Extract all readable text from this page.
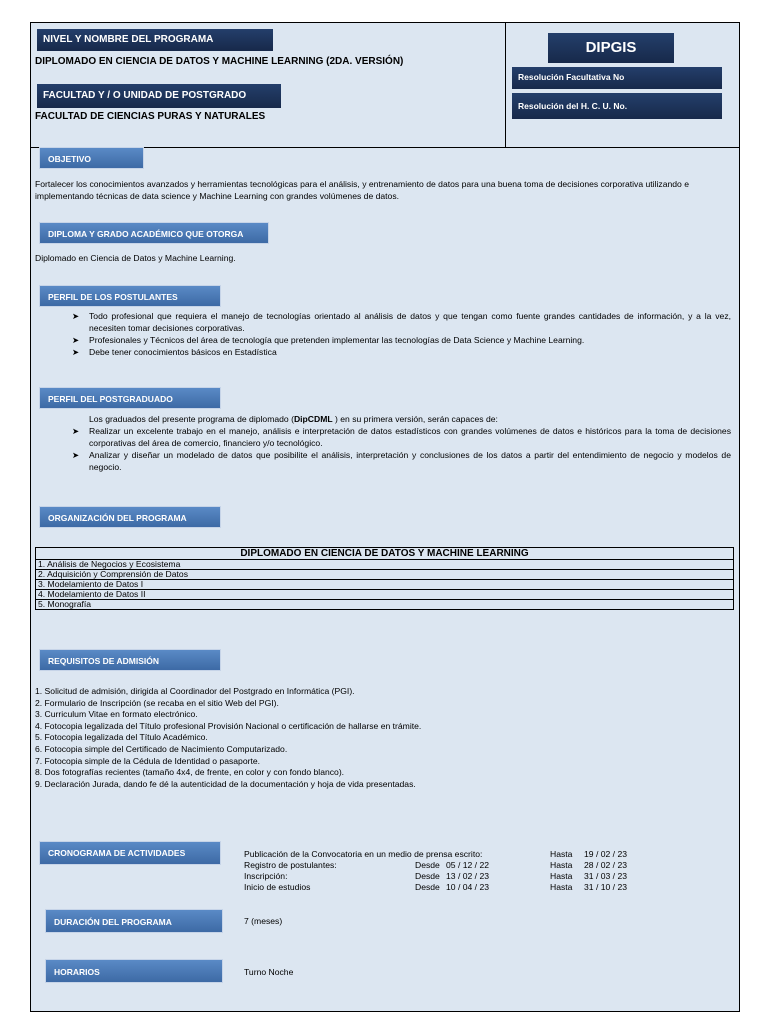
NIVEL Y NOMBRE DEL PROGRAMA
DIPLOMADO EN CIENCIA DE DATOS Y MACHINE LEARNING (2DA. VERSIÓN)
FACULTAD Y / O UNIDAD DE POSTGRADO
FACULTAD DE CIENCIAS PURAS Y NATURALES
DIPGIS
Resolución Facultativa No
Resolución del H. C. U. No.
OBJETIVO
Fortalecer los conocimientos avanzados y herramientas tecnológicas para el análisis, y entrenamiento de datos para una buena toma de decisiones corporativa utilizando e implementando técnicas de data science y Machine Learning con grandes volúmenes de datos.
DIPLOMA Y GRADO ACADÉMICO QUE OTORGA
Diplomado en Ciencia de Datos y Machine Learning.
PERFIL DE LOS POSTULANTES
➤ Todo profesional que requiera el manejo de tecnologías orientado al análisis de datos y que tengan como fuente grandes cantidades de información, y a la vez, necesiten tomar decisiones corporativas.
➤ Profesionales y Técnicos del área de tecnología que pretenden implementar las tecnologías de Data Science y Machine Learning.
➤ Debe tener conocimientos básicos en Estadística
PERFIL DEL POSTGRADUADO
Los graduados del presente programa de diplomado (DipCDML ) en su primera versión, serán capaces de:
➤ Realizar un excelente trabajo en el manejo, análisis e interpretación de datos estadísticos con grandes volúmenes de datos e históricos para la toma de decisiones corporativas del área de comercio, financiero y/o tecnológico.
➤ Analizar y diseñar un modelado de datos que posibilite el análisis, interpretación y conclusiones de los datos a partir del entendimiento de negocio y modelos de negocio.
ORGANIZACIÓN DEL PROGRAMA
DIPLOMADO EN CIENCIA DE DATOS Y MACHINE LEARNING
1. Análisis de Negocios y Ecosistema
2. Adquisición y Comprensión de Datos
3. Modelamiento de Datos I
4. Modelamiento de Datos II
5. Monografía
REQUISITOS DE ADMISIÓN
1. Solicitud de admisión, dirigida al Coordinador del Postgrado en Informática (PGI).
2. Formulario de Inscripción (se recaba en el sitio Web del PGI).
3. Curriculum Vitae en formato electrónico.
4. Fotocopia legalizada del Título profesional Provisión Nacional o certificación de hallarse en trámite.
5. Fotocopia legalizada del Título Académico.
6. Fotocopia simple del Certificado de Nacimiento Computarizado.
7. Fotocopia simple de la Cédula de Identidad o pasaporte.
8. Dos fotografías recientes (tamaño 4x4, de frente, en color y con fondo blanco).
9. Declaración Jurada, dando fe dé la autenticidad de la documentación y hoja de vida presentadas.
CRONOGRAMA DE ACTIVIDADES	Publicación de la Convocatoria en un medio de prensa escrito:	Hasta 19 / 02 / 23
Registro de postulantes:	Desde 05 / 12 / 22	Hasta 28 / 02 / 23
Inscripción:	Desde 13 / 02 / 23	Hasta 31 / 03 / 23
Inicio de estudios	Desde 10 / 04 / 23	Hasta 31 / 10 / 23
DURACIÓN DEL PROGRAMA	7 (meses)
HORARIOS	Turno Noche
